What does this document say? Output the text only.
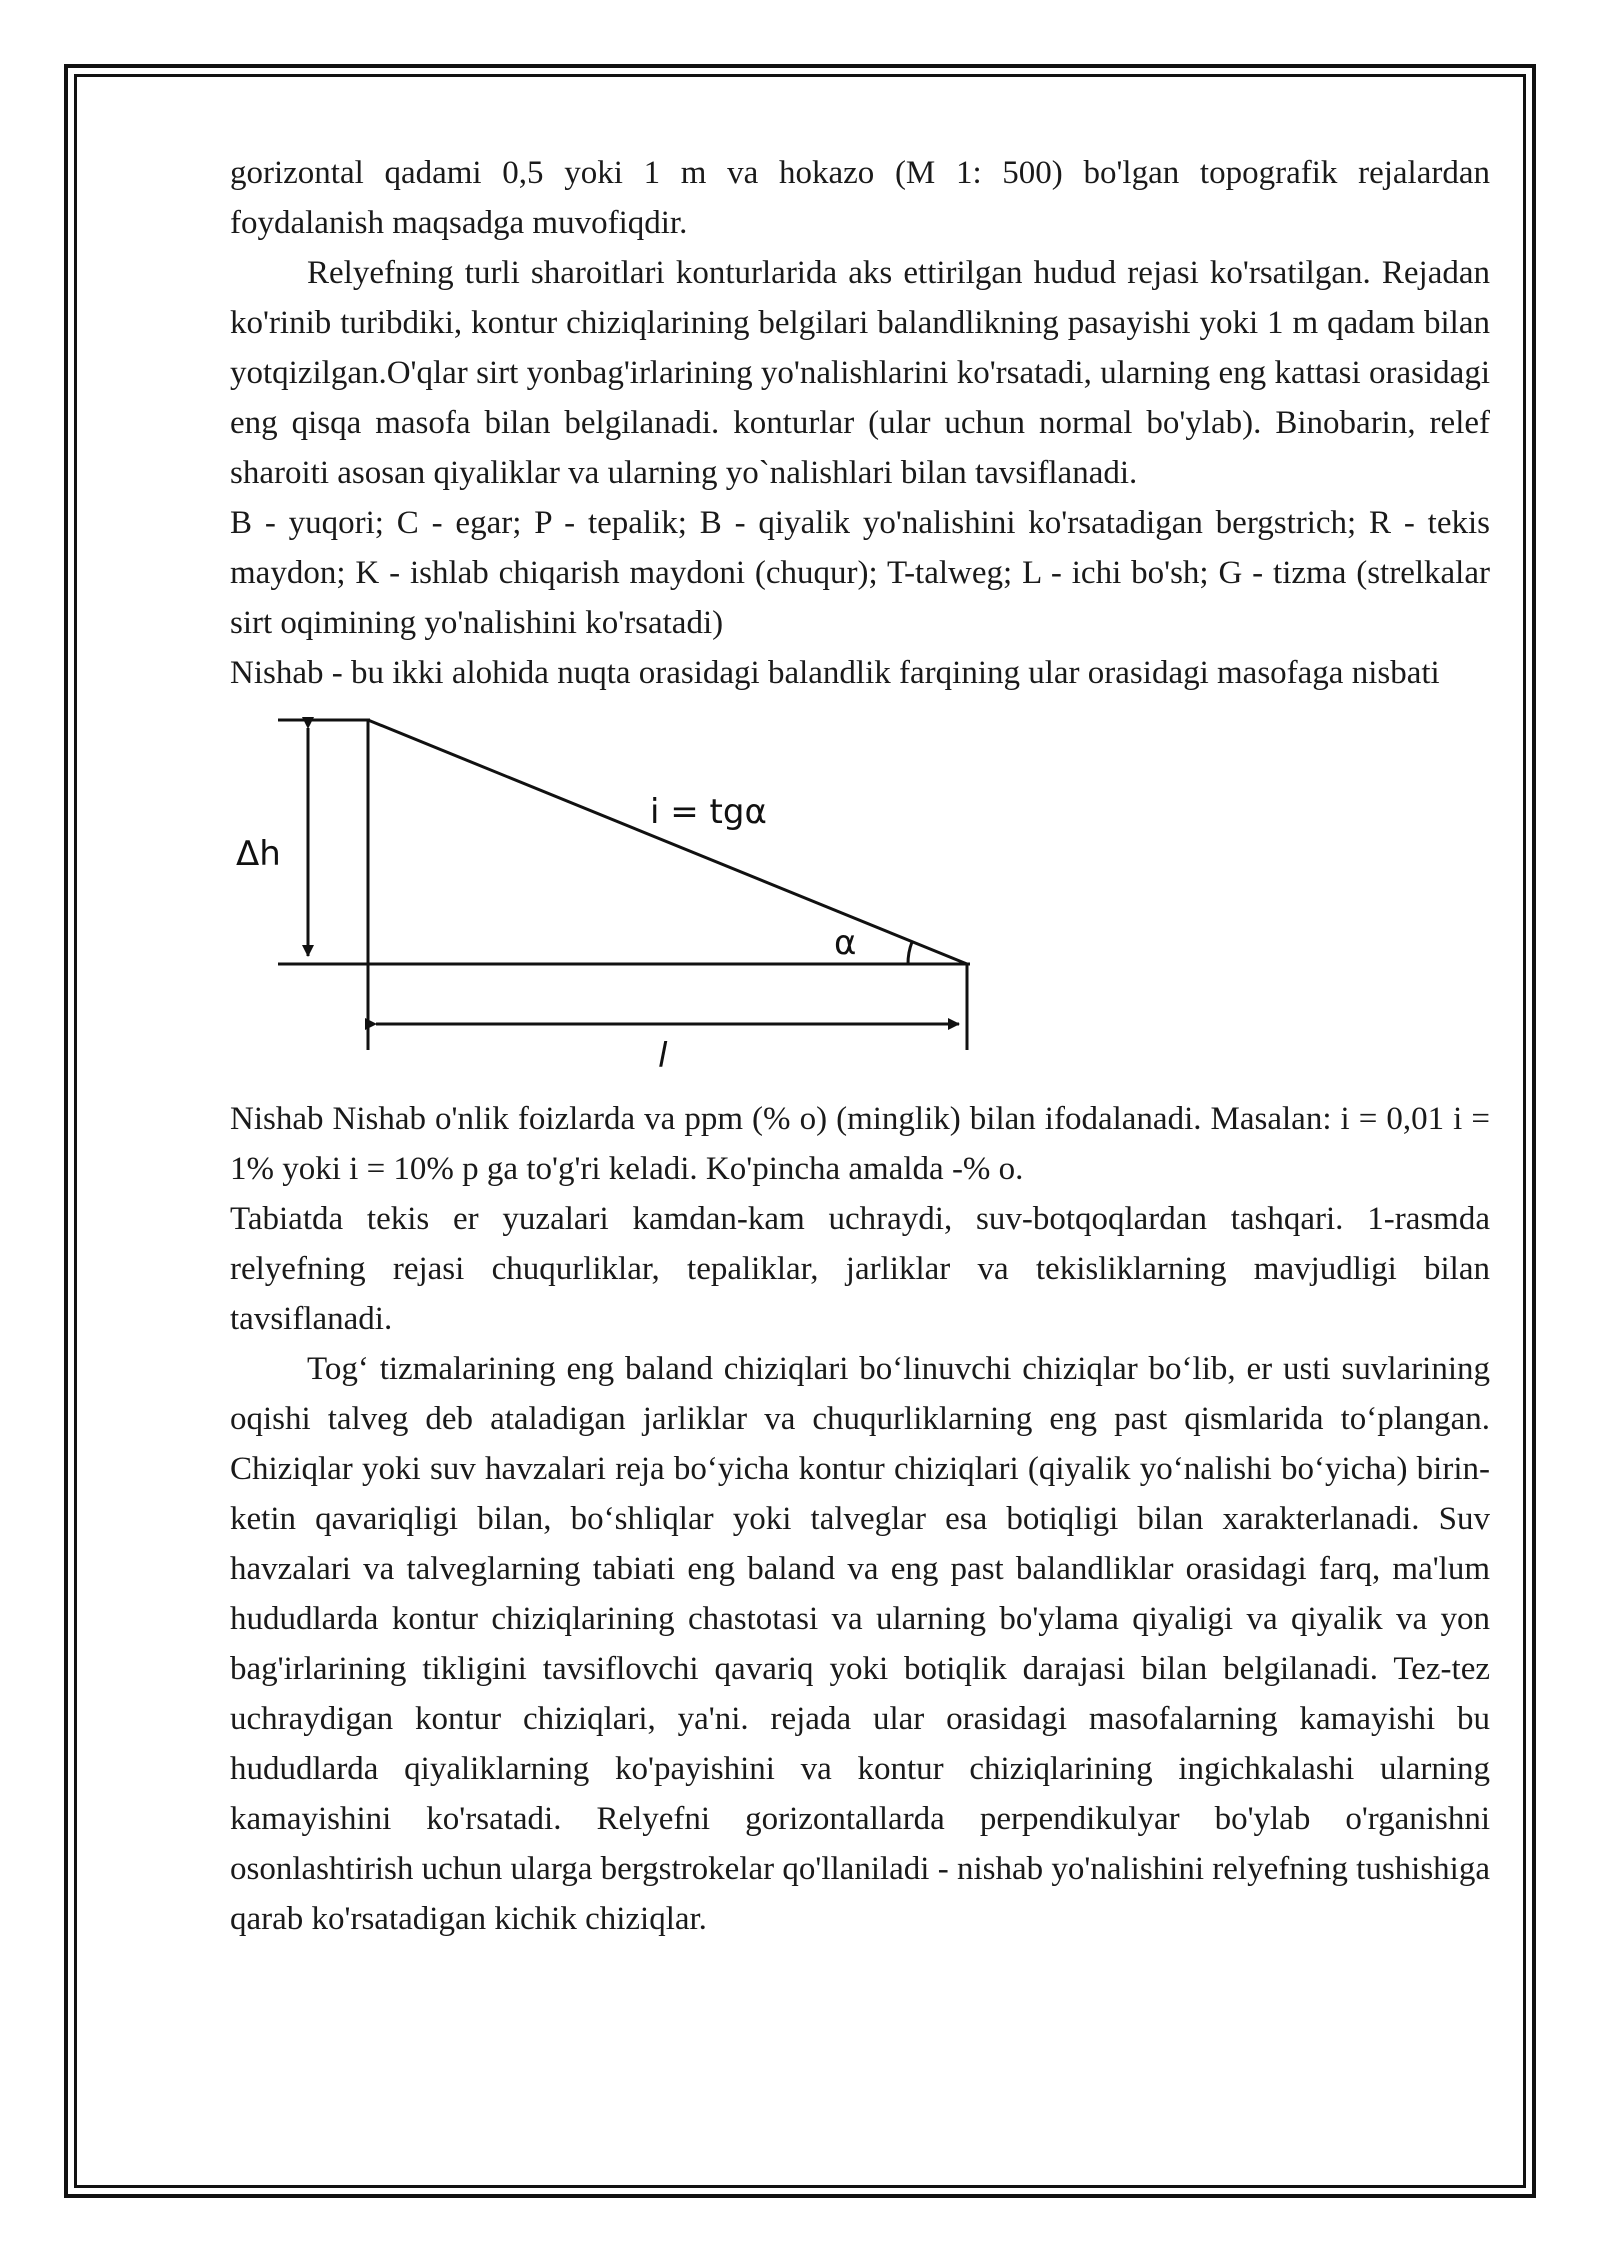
gorizontal qadami 0,5 yoki 1 m va hokazo (M 1: 500) bo'lgan topografik rejalardan foydalanish maqsadga muvofiqdir.

Relyefning turli sharoitlari konturlarida aks ettirilgan hudud rejasi ko'rsatilgan. Rejadan ko'rinib turibdiki, kontur chiziqlarining belgilari balandlikning pasayishi yoki 1 m qadam bilan yotqizilgan.O'qlar sirt yonbag'irlarining yo'nalishlarini ko'rsatadi, ularning eng kattasi orasidagi eng qisqa masofa bilan belgilanadi. konturlar (ular uchun normal bo'ylab). Binobarin, relef sharoiti asosan qiyaliklar va ularning yo`nalishlari bilan tavsiflanadi.

B - yuqori; C - egar; P - tepalik; B - qiyalik yo'nalishini ko'rsatadigan bergstrich; R - tekis maydon; K - ishlab chiqarish maydoni (chuqur); T-talweg; L - ichi bo'sh; G - tizma (strelkalar sirt oqimining yo'nalishini ko'rsatadi)

Nishab - bu ikki alohida nuqta orasidagi balandlik farqining ular orasidagi masofaga nisbati

Δh
i = tgα
α
l

Nishab Nishab o'nlik foizlarda va ppm (% o) (minglik) bilan ifodalanadi. Masalan: i = 0,01 i = 1% yoki i = 10% p ga to'g'ri keladi. Ko'pincha amalda -% o.

Tabiatda tekis er yuzalari kamdan-kam uchraydi, suv-botqoqlardan tashqari. 1-rasmda relyefning rejasi chuqurliklar, tepaliklar, jarliklar va tekisliklarning mavjudligi bilan tavsiflanadi.

Tog‘ tizmalarining eng baland chiziqlari bo‘linuvchi chiziqlar bo‘lib, er usti suvlarining oqishi talveg deb ataladigan jarliklar va chuqurliklarning eng past qismlarida to‘plangan. Chiziqlar yoki suv havzalari reja bo‘yicha kontur chiziqlari (qiyalik yo‘nalishi bo‘yicha) birin-ketin qavariqligi bilan, bo‘shliqlar yoki talveglar esa botiqligi bilan xarakterlanadi. Suv havzalari va talveglarning tabiati eng baland va eng past balandliklar orasidagi farq, ma'lum hududlarda kontur chiziqlarining chastotasi va ularning bo'ylama qiyaligi va qiyalik va yon bag'irlarining tikligini tavsiflovchi qavariq yoki botiqlik darajasi bilan belgilanadi. Tez-tez uchraydigan kontur chiziqlari, ya'ni. rejada ular orasidagi masofalarning kamayishi bu hududlarda qiyaliklarning ko'payishini va kontur chiziqlarining ingichkalashi ularning kamayishini ko'rsatadi. Relyefni gorizontallarda perpendikulyar bo'ylab o'rganishni osonlashtirish uchun ularga bergstrokelar qo'llaniladi - nishab yo'nalishini relyefning tushishiga qarab ko'rsatadigan kichik chiziqlar.
